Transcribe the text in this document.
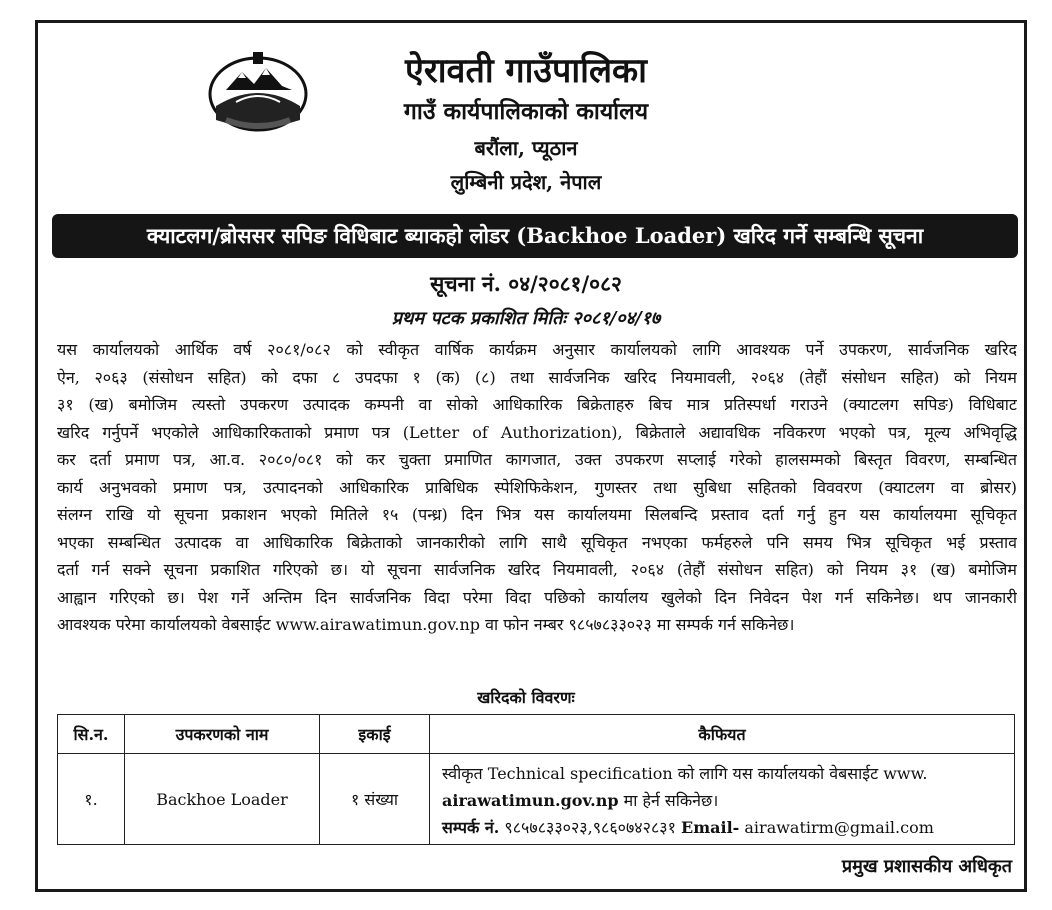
ऐरावती गाउँपालिका
गाउँ कार्यपालिकाको कार्यालय
बरौंला, प्यूठान
लुम्बिनी प्रदेश, नेपाल
क्याटलग/ब्रोससर सपिङ विधिबाट ब्याकहो लोडर (Backhoe Loader) खरिद गर्ने सम्बन्धि सूचना
सूचना नं. ०४/२०८१/०८२
प्रथम पटक प्रकाशित मितिः २०८१/०४/१७
यस कार्यालयको आर्थिक वर्ष २०८१/०८२ को स्वीकृत वार्षिक कार्यक्रम अनुसार कार्यालयको लागि आवश्यक पर्ने उपकरण, सार्वजनिक खरिद
ऐन, २०६३ (संसोधन सहित) को दफा ८ उपदफा १ (क) (८) तथा सार्वजनिक खरिद नियमावली, २०६४ (तेहौं संसोधन सहित) को नियम
३१ (ख) बमोजिम त्यस्तो उपकरण उत्पादक कम्पनी वा सोको आधिकारिक बिक्रेताहरु बिच मात्र प्रतिस्पर्धा गराउने (क्याटलग सपिङ) विधिबाट
खरिद गर्नुपर्ने भएकोले आधिकारिकताको प्रमाण पत्र (Letter of Authorization), बिक्रेताले अद्यावधिक नविकरण भएको पत्र, मूल्य अभिवृद्धि
कर दर्ता प्रमाण पत्र, आ.व. २०८०/०८१ को कर चुक्ता प्रमाणित कागजात, उक्त उपकरण सप्लाई गरेको हालसम्मको बिस्तृत विवरण, सम्बन्धित
कार्य अनुभवको प्रमाण पत्र, उत्पादनको आधिकारिक प्राबिधिक स्पेशिफिकेशन, गुणस्तर तथा सुबिधा सहितको विववरण (क्याटलग वा ब्रोसर)
संलग्न राखि यो सूचना प्रकाशन भएको मितिले १५ (पन्ध्र) दिन भित्र यस कार्यालयमा सिलबन्दि प्रस्ताव दर्ता गर्नु हुन यस कार्यालयमा सूचिकृत
भएका सम्बन्धित उत्पादक वा आधिकारिक बिक्रेताको जानकारीको लागि साथै सूचिकृत नभएका फर्महरुले पनि समय भित्र सूचिकृत भई प्रस्ताव
दर्ता गर्न सक्ने सूचना प्रकाशित गरिएको छ। यो सूचना सार्वजनिक खरिद नियमावली, २०६४ (तेहौं संसोधन सहित) को नियम ३१ (ख) बमोजिम
आह्वान गरिएको छ। पेश गर्ने अन्तिम दिन सार्वजनिक विदा परेमा विदा पछिको कार्यालय खुलेको दिन निवेदन पेश गर्न सकिनेछ। थप जानकारी
आवश्यक परेमा कार्यालयको वेबसाईट www.airawatimun.gov.np वा फोन नम्बर ९८५७८३३०२३ मा सम्पर्क गर्न सकिनेछ।
खरिदको विवरणः
सि.न.	उपकरणको नाम	इकाई	कैफियत
१.	Backhoe Loader	१ संख्या	स्वीकृत Technical specification को लागि यस कार्यालयको वेबसाईट www.
airawatimun.gov.np मा हेर्न सकिनेछ।
सम्पर्क नं. ९८५७८३३०२३,९८६०७४२८३१ Email- airawatirm@gmail.com
प्रमुख प्रशासकीय अधिकृत
